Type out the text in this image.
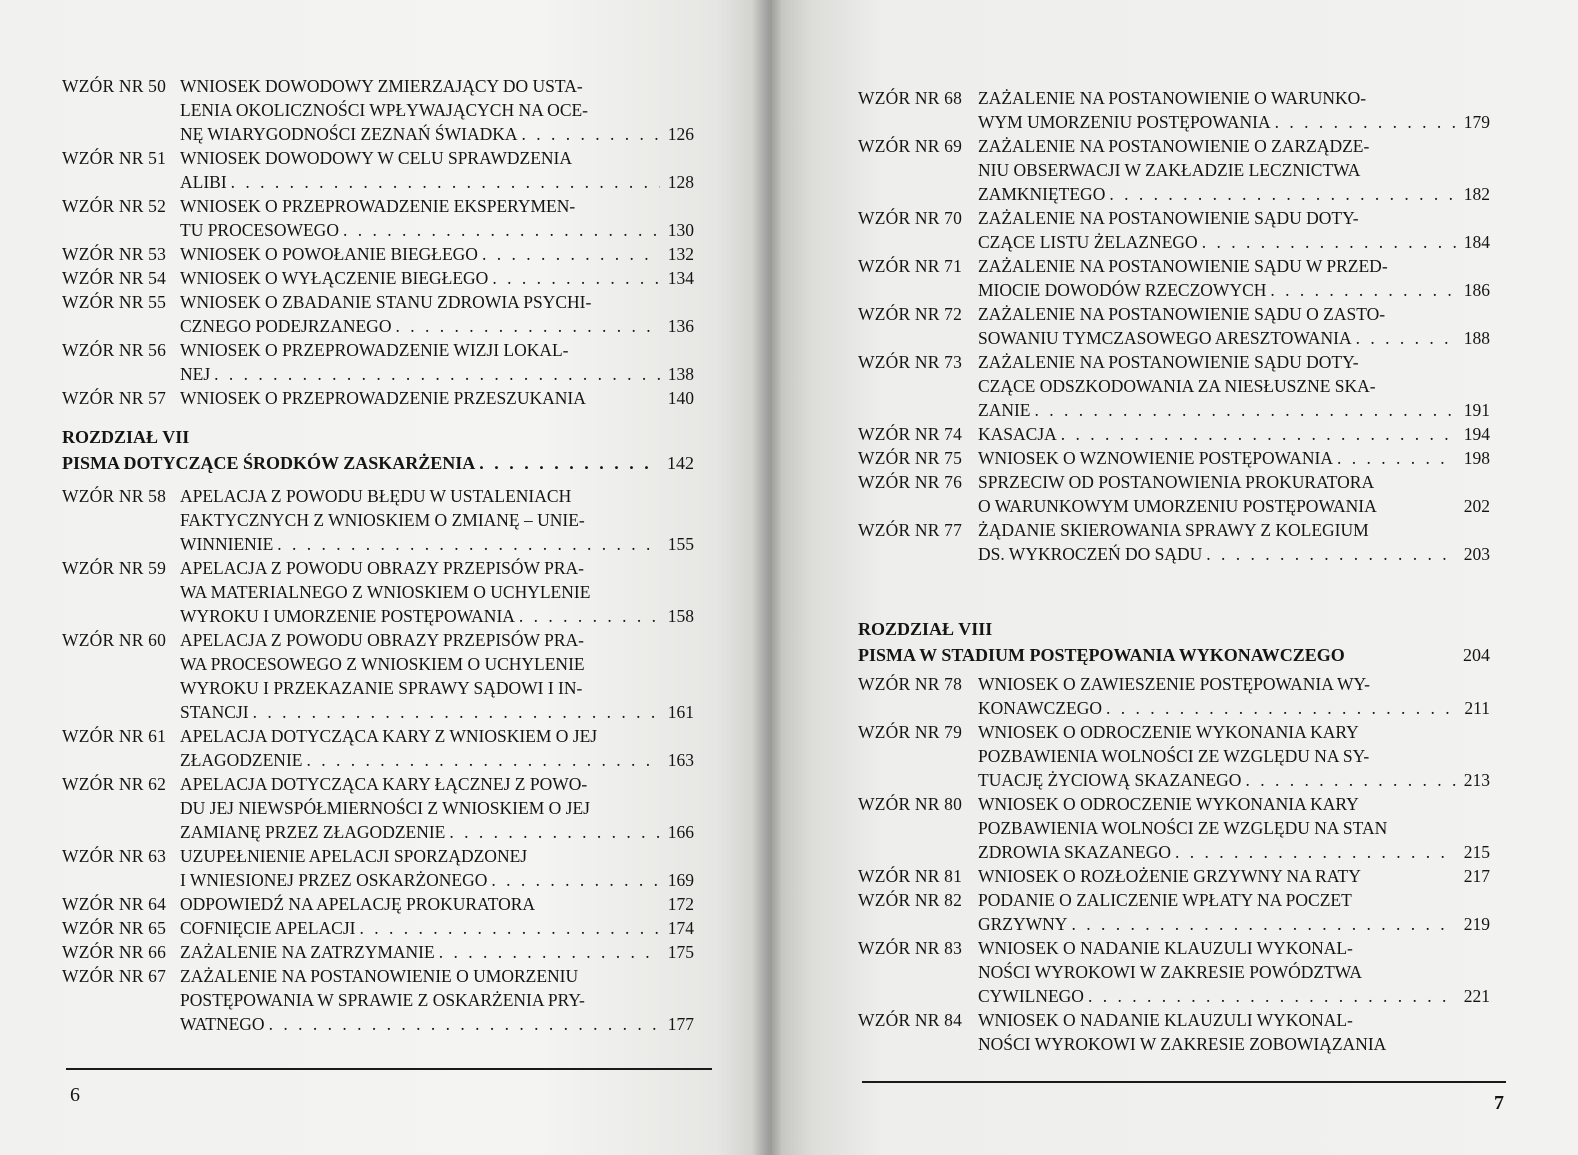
WZÓR NR 50 WNIOSEK DOWODOWY ZMIERZAJĄCY DO USTA-
LENIA OKOLICZNOŚCI WPŁYWAJĄCYCH NA OCE-
NĘ WIARYGODNOŚCI ZEZNAŃ ŚWIADKA . . .	126
WZÓR NR 51 WNIOSEK DOWODOWY W CELU SPRAWDZENIA
ALIBI . . .	128
WZÓR NR 52 WNIOSEK O PRZEPROWADZENIE EKSPERYMEN-
TU PROCESOWEGO . . .	130
WZÓR NR 53 WNIOSEK O POWOŁANIE BIEGŁEGO . . .	132
WZÓR NR 54 WNIOSEK O WYŁĄCZENIE BIEGŁEGO . . .	134
WZÓR NR 55 WNIOSEK O ZBADANIE STANU ZDROWIA PSYCHI-
CZNEGO PODEJRZANEGO . . .	136
WZÓR NR 56 WNIOSEK O PRZEPROWADZENIE WIZJI LOKAL-
NEJ . . .	138
WZÓR NR 57 WNIOSEK O PRZEPROWADZENIE PRZESZUKANIA	140
ROZDZIAŁ VII
PISMA DOTYCZĄCE ŚRODKÓW ZASKARŻENIA . . .	142
WZÓR NR 58 APELACJA Z POWODU BŁĘDU W USTALENIACH
FAKTYCZNYCH Z WNIOSKIEM O ZMIANĘ – UNIE-
WINNIENIE . . .	155
WZÓR NR 59 APELACJA Z POWODU OBRAZY PRZEPISÓW PRA-
WA MATERIALNEGO Z WNIOSKIEM O UCHYLENIE
WYROKU I UMORZENIE POSTĘPOWANIA . . .	158
WZÓR NR 60 APELACJA Z POWODU OBRAZY PRZEPISÓW PRA-
WA PROCESOWEGO Z WNIOSKIEM O UCHYLENIE
WYROKU I PRZEKAZANIE SPRAWY SĄDOWI I IN-
STANCJI . . .	161
WZÓR NR 61 APELACJA DOTYCZĄCA KARY Z WNIOSKIEM O JEJ
ZŁAGODZENIE . . .	163
WZÓR NR 62 APELACJA DOTYCZĄCA KARY ŁĄCZNEJ Z POWO-
DU JEJ NIEWSPÓŁMIERNOŚCI Z WNIOSKIEM O JEJ
ZAMIANĘ PRZEZ ZŁAGODZENIE . . .	166
WZÓR NR 63 UZUPEŁNIENIE APELACJI SPORZĄDZONEJ
I WNIESIONEJ PRZEZ OSKARŻONEGO . . .	169
WZÓR NR 64 ODPOWIEDŹ NA APELACJĘ PROKURATORA	172
WZÓR NR 65 COFNIĘCIE APELACJI . . .	174
WZÓR NR 66 ZAŻALENIE NA ZATRZYMANIE . . .	175
WZÓR NR 67 ZAŻALENIE NA POSTANOWIENIE O UMORZENIU
POSTĘPOWANIA W SPRAWIE Z OSKARŻENIA PRY-
WATNEGO . . .	177
6
WZÓR NR 68 ZAŻALENIE NA POSTANOWIENIE O WARUNKO-
WYM UMORZENIU POSTĘPOWANIA . . .	179
WZÓR NR 69 ZAŻALENIE NA POSTANOWIENIE O ZARZĄDZE-
NIU OBSERWACJI W ZAKŁADZIE LECZNICTWA
ZAMKNIĘTEGO . . .	182
WZÓR NR 70 ZAŻALENIE NA POSTANOWIENIE SĄDU DOTY-
CZĄCE LISTU ŻELAZNEGO . . .	184
WZÓR NR 71 ZAŻALENIE NA POSTANOWIENIE SĄDU W PRZED-
MIOCIE DOWODÓW RZECZOWYCH . . .	186
WZÓR NR 72 ZAŻALENIE NA POSTANOWIENIE SĄDU O ZASTO-
SOWANIU TYMCZASOWEGO ARESZTOWANIA . . .	188
WZÓR NR 73 ZAŻALENIE NA POSTANOWIENIE SĄDU DOTY-
CZĄCE ODSZKODOWANIA ZA NIESŁUSZNE SKA-
ZANIE . . .	191
WZÓR NR 74 KASACJA . . .	194
WZÓR NR 75 WNIOSEK O WZNOWIENIE POSTĘPOWANIA . . .	198
WZÓR NR 76 SPRZECIW OD POSTANOWIENIA PROKURATORA
O WARUNKOWYM UMORZENIU POSTĘPOWANIA	202
WZÓR NR 77 ŻĄDANIE SKIEROWANIA SPRAWY Z KOLEGIUM
DS. WYKROCZEŃ DO SĄDU . . .	203
ROZDZIAŁ VIII
PISMA W STADIUM POSTĘPOWANIA WYKONAWCZEGO	204
WZÓR NR 78 WNIOSEK O ZAWIESZENIE POSTĘPOWANIA WY-
KONAWCZEGO . . .	211
WZÓR NR 79 WNIOSEK O ODROCZENIE WYKONANIA KARY
POZBAWIENIA WOLNOŚCI ZE WZGLĘDU NA SY-
TUACJĘ ŻYCIOWĄ SKAZANEGO . . .	213
WZÓR NR 80 WNIOSEK O ODROCZENIE WYKONANIA KARY
POZBAWIENIA WOLNOŚCI ZE WZGLĘDU NA STAN
ZDROWIA SKAZANEGO . . .	215
WZÓR NR 81 WNIOSEK O ROZŁOŻENIE GRZYWNY NA RATY	217
WZÓR NR 82 PODANIE O ZALICZENIE WPŁATY NA POCZET
GRZYWNY . . .	219
WZÓR NR 83 WNIOSEK O NADANIE KLAUZULI WYKONAL-
NOŚCI WYROKOWI W ZAKRESIE POWÓDZTWA
CYWILNEGO . . .	221
WZÓR NR 84 WNIOSEK O NADANIE KLAUZULI WYKONAL-
NOŚCI WYROKOWI W ZAKRESIE ZOBOWIĄZANIA
7
